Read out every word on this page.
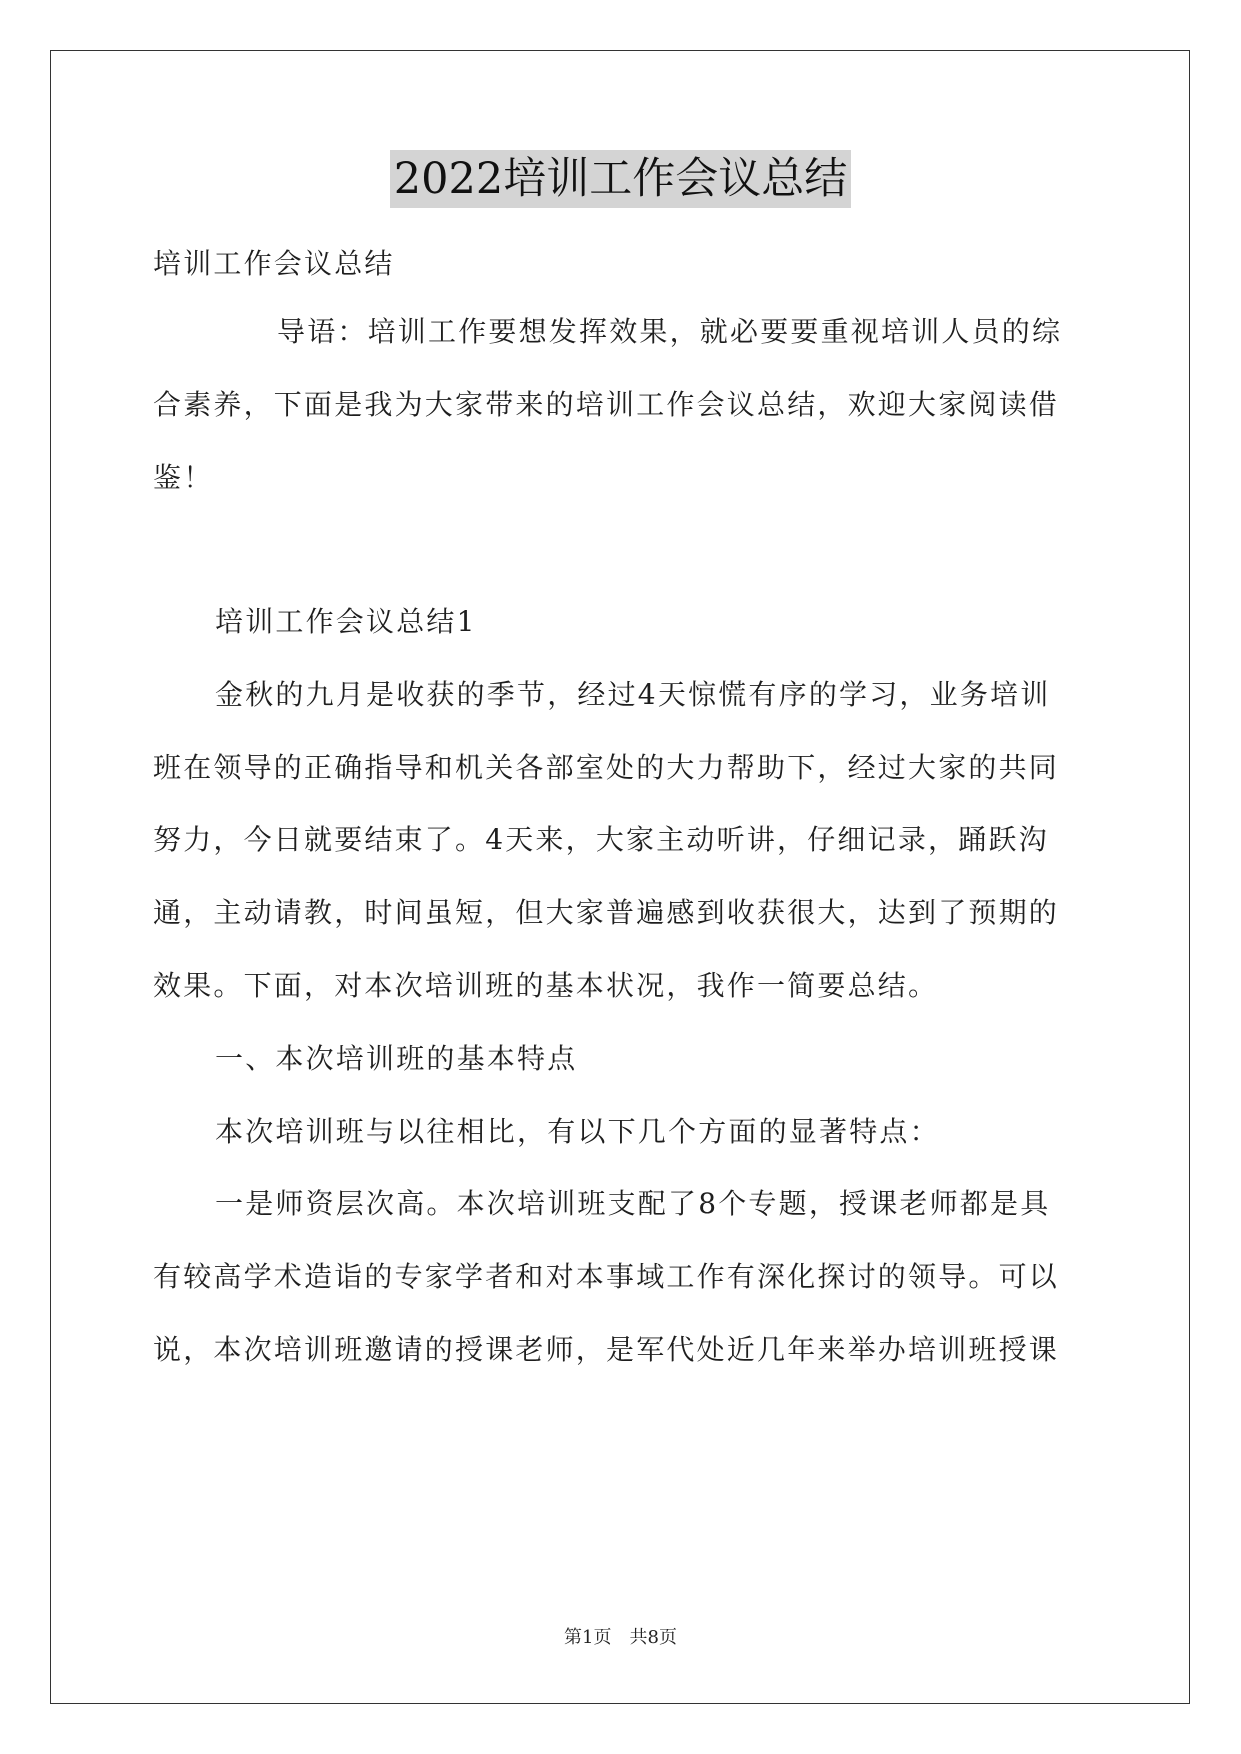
2022培训工作会议总结
培训工作会议总结
导语：培训工作要想发挥效果，就必要要重视培训人员的综
合素养，下面是我为大家带来的培训工作会议总结，欢迎大家阅读借
鉴！
培训工作会议总结1
金秋的九月是收获的季节，经过4天惊慌有序的学习，业务培训
班在领导的正确指导和机关各部室处的大力帮助下，经过大家的共同
努力，今日就要结束了。4天来，大家主动听讲，仔细记录，踊跃沟
通，主动请教，时间虽短，但大家普遍感到收获很大，达到了预期的
效果。下面，对本次培训班的基本状况，我作一简要总结。
一、本次培训班的基本特点
本次培训班与以往相比，有以下几个方面的显著特点：
一是师资层次高。本次培训班支配了8个专题，授课老师都是具
有较高学术造诣的专家学者和对本事域工作有深化探讨的领导。可以
说，本次培训班邀请的授课老师，是军代处近几年来举办培训班授课
第1页　共8页
